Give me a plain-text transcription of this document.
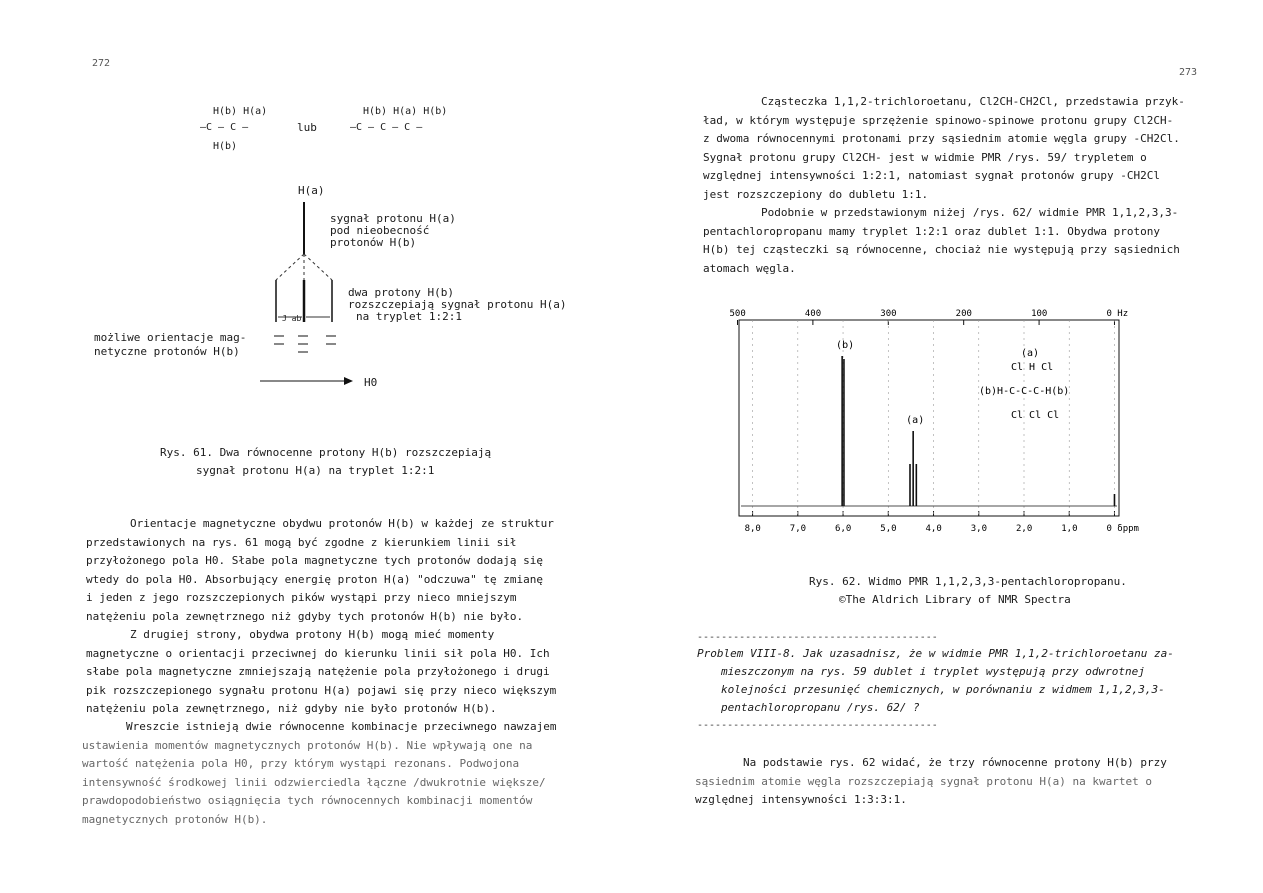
272
H(b) H(a)
—C — C —
H(b)
lub
H(b) H(a) H(b)
—C — C — C —
H(a)
J ab
sygnał protonu H(a)
pod nieobecność
protonów H(b)
dwa protony H(b)
rozszczepiają sygnał protonu H(a)
na tryplet 1:2:1
możliwe orientacje mag-
netyczne protonów H(b)
H0
Rys. 61. Dwa równocenne protony H(b) rozszczepiają
sygnał protonu H(a) na tryplet 1:2:1
Orientacje magnetyczne obydwu protonów H(b) w każdej ze struktur
przedstawionych na rys. 61 mogą być zgodne z kierunkiem linii sił
przyłożonego pola H0. Słabe pola magnetyczne tych protonów dodają się
wtedy do pola H0. Absorbujący energię proton H(a) "odczuwa" tę zmianę
i jeden z jego rozszczepionych pików wystąpi przy nieco mniejszym
natężeniu pola zewnętrznego niż gdyby tych protonów H(b) nie było.
Z drugiej strony, obydwa protony H(b) mogą mieć momenty
magnetyczne o orientacji przeciwnej do kierunku linii sił pola H0. Ich
słabe pola magnetyczne zmniejszają natężenie pola przyłożonego i drugi
pik rozszczepionego sygnału protonu H(a) pojawi się przy nieco większym
natężeniu pola zewnętrznego, niż gdyby nie było protonów H(b).
Wreszcie istnieją dwie równocenne kombinacje przeciwnego nawzajem
ustawienia momentów magnetycznych protonów H(b). Nie wpływają one na
wartość natężenia pola H0, przy którym wystąpi rezonans. Podwojona
intensywność środkowej linii odzwierciedla łączne /dwukrotnie większe/
prawdopodobieństwo osiągnięcia tych równocennych kombinacji momentów
magnetycznych protonów H(b).
273
Cząsteczka 1,1,2-trichloroetanu, Cl2CH-CH2Cl, przedstawia przyk-
ład, w którym występuje sprzężenie spinowo-spinowe protonu grupy Cl2CH-
z dwoma równocennymi protonami przy sąsiednim atomie węgla grupy -CH2Cl.
Sygnał protonu grupy Cl2CH- jest w widmie PMR /rys. 59/ trypletem o
względnej intensywności 1:2:1, natomiast sygnał protonów grupy -CH2Cl
jest rozszczepiony do dubletu 1:1.
Podobnie w przedstawionym niżej /rys. 62/ widmie PMR 1,1,2,3,3-
pentachloropropanu mamy tryplet 1:2:1 oraz dublet 1:1. Obydwa protony
H(b) tej cząsteczki są równocenne, chociaż nie występują przy sąsiednich
atomach węgla.
500	400	300	200	100	0 Hz
8,0	7,0	6,0	5,0	4,0	3,0	2,0	1,0	0 δppm
(b)
(a)
(a)
Cl H Cl
(b)H-C-C-C-H(b)
Cl Cl Cl
Rys. 62. Widmo PMR 1,1,2,3,3-pentachloropropanu.
©The Aldrich Library of NMR Spectra
----------------------------------------
Problem VIII-8. Jak uzasadnisz, że w widmie PMR 1,1,2-trichloroetanu za-
mieszczonym na rys. 59 dublet i tryplet występują przy odwrotnej
kolejności przesunięć chemicznych, w porównaniu z widmem 1,1,2,3,3-
pentachloropropanu /rys. 62/ ?
----------------------------------------
Na podstawie rys. 62 widać, że trzy równocenne protony H(b) przy
sąsiednim atomie węgla rozszczepiają sygnał protonu H(a) na kwartet o
względnej intensywności 1:3:3:1.
